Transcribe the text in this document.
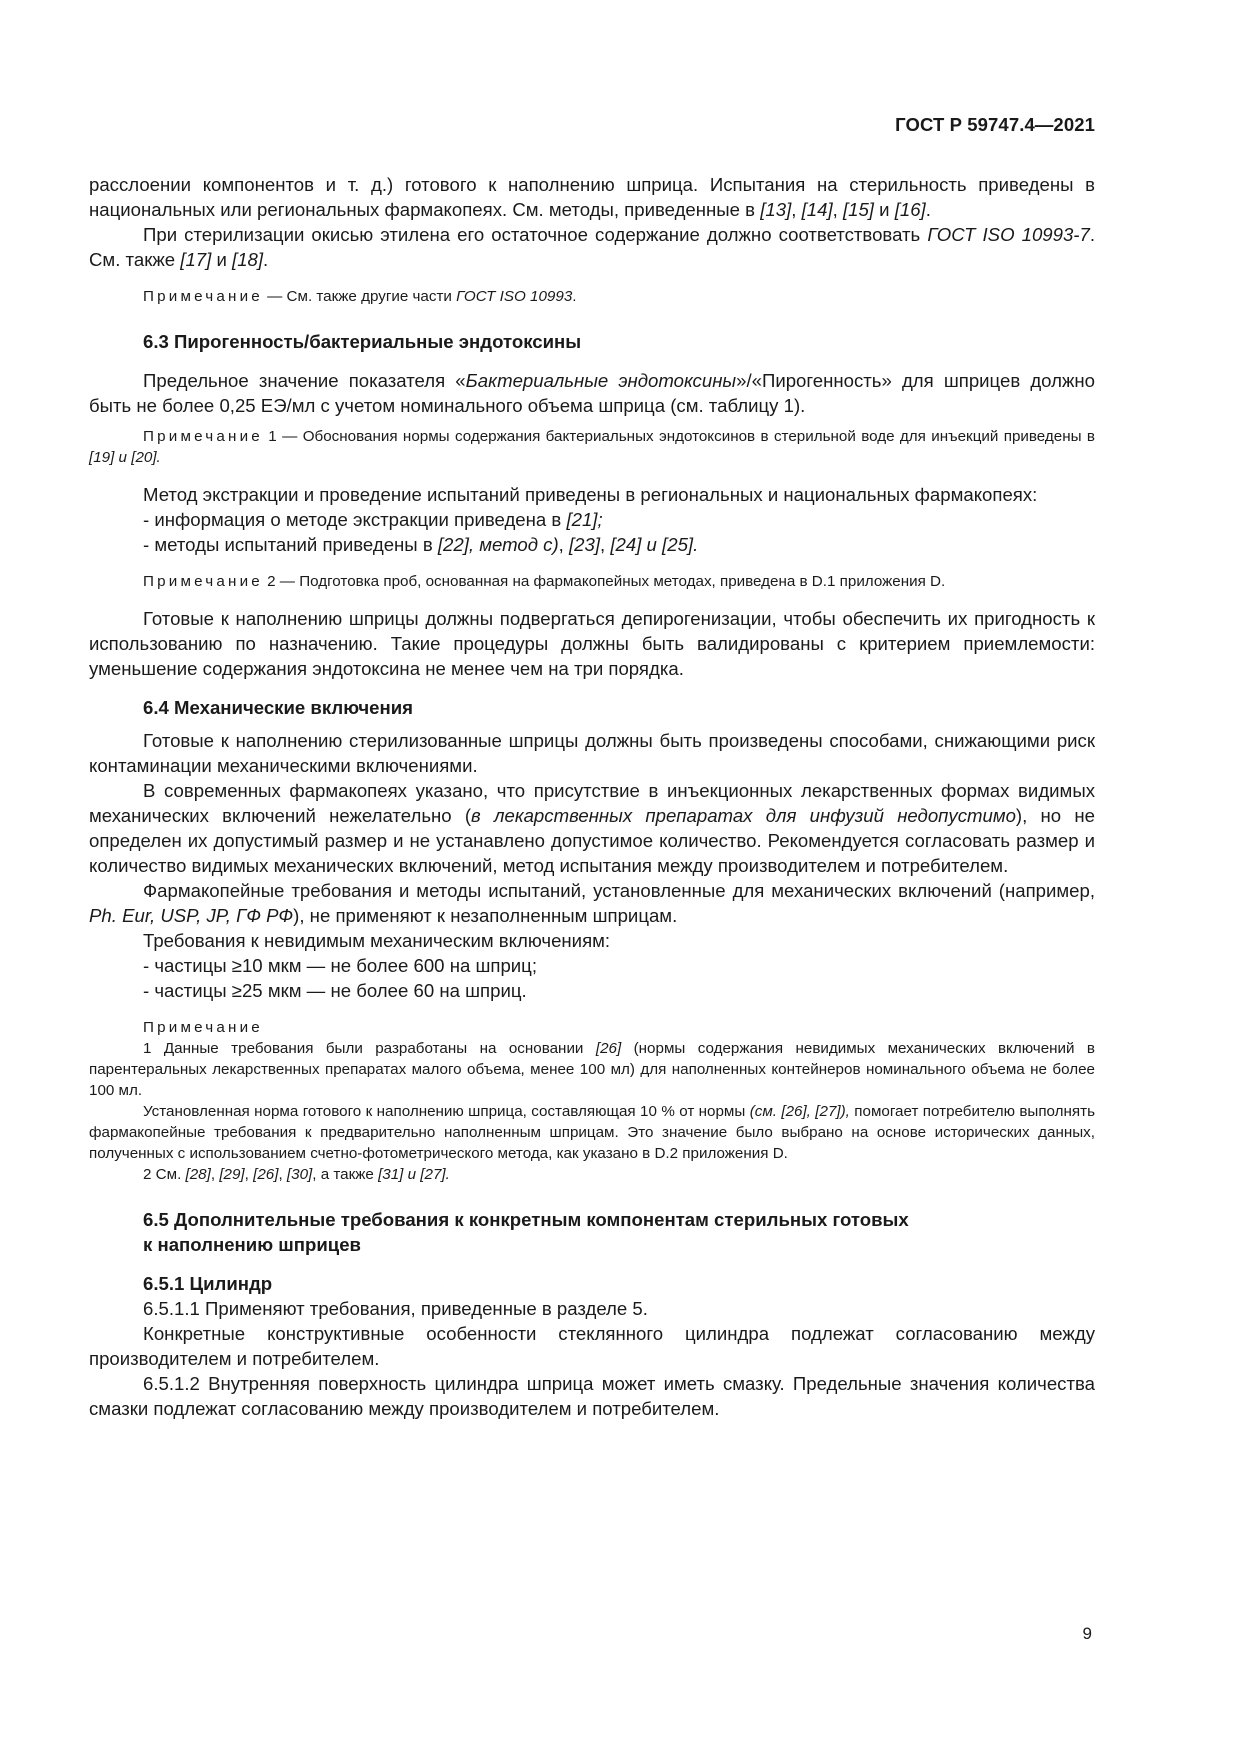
ГОСТ Р 59747.4—2021

расслоении компонентов и т. д.) готового к наполнению шприца. Испытания на стерильность приведены в национальных или региональных фармакопеях. См. методы, приведенные в [13], [14], [15] и [16].

При стерилизации окисью этилена его остаточное содержание должно соответствовать ГОСТ ISO 10993-7. См. также [17] и [18].

Примечание — См. также другие части ГОСТ ISO 10993.

6.3 Пирогенность/бактериальные эндотоксины

Предельное значение показателя «Бактериальные эндотоксины»/«Пирогенность» для шприцев должно быть не более 0,25 ЕЭ/мл с учетом номинального объема шприца (см. таблицу 1).

Примечание 1 — Обоснования нормы содержания бактериальных эндотоксинов в стерильной воде для инъекций приведены в [19] и [20].

Метод экстракции и проведение испытаний приведены в региональных и национальных фармакопеях:

- информация о методе экстракции приведена в [21];

- методы испытаний приведены в [22], метод с), [23], [24] и [25].

Примечание 2 — Подготовка проб, основанная на фармакопейных методах, приведена в D.1 приложения D.

Готовые к наполнению шприцы должны подвергаться депирогенизации, чтобы обеспечить их пригодность к использованию по назначению. Такие процедуры должны быть валидированы с критерием приемлемости: уменьшение содержания эндотоксина не менее чем на три порядка.

6.4 Механические включения

Готовые к наполнению стерилизованные шприцы должны быть произведены способами, снижающими риск контаминации механическими включениями.

В современных фармакопеях указано, что присутствие в инъекционных лекарственных формах видимых механических включений нежелательно (в лекарственных препаратах для инфузий недопустимо), но не определен их допустимый размер и не устанавлено допустимое количество. Рекомендуется согласовать размер и количество видимых механических включений, метод испытания между производителем и потребителем.

Фармакопейные требования и методы испытаний, установленные для механических включений (например, Ph. Eur, USP, JP, ГФ РФ), не применяют к незаполненным шприцам.

Требования к невидимым механическим включениям:

- частицы ≥10 мкм — не более 600 на шприц;

- частицы ≥25 мкм — не более 60 на шприц.

Примечание

1 Данные требования были разработаны на основании [26] (нормы содержания невидимых механических включений в парентеральных лекарственных препаратах малого объема, менее 100 мл) для наполненных контейнеров номинального объема не более 100 мл.

Установленная норма готового к наполнению шприца, составляющая 10 % от нормы (см. [26], [27]), помогает потребителю выполнять фармакопейные требования к предварительно наполненным шприцам. Это значение было выбрано на основе исторических данных, полученных с использованием счетно-фотометрического метода, как указано в D.2 приложения D.

2 См. [28], [29], [26], [30], а также [31] и [27].

6.5 Дополнительные требования к конкретным компонентам стерильных готовых
к наполнению шприцев
6.5.1 Цилиндр

6.5.1.1 Применяют требования, приведенные в разделе 5.

Конкретные конструктивные особенности стеклянного цилиндра подлежат согласованию между производителем и потребителем.

6.5.1.2 Внутренняя поверхность цилиндра шприца может иметь смазку. Предельные значения количества смазки подлежат согласованию между производителем и потребителем.

9
